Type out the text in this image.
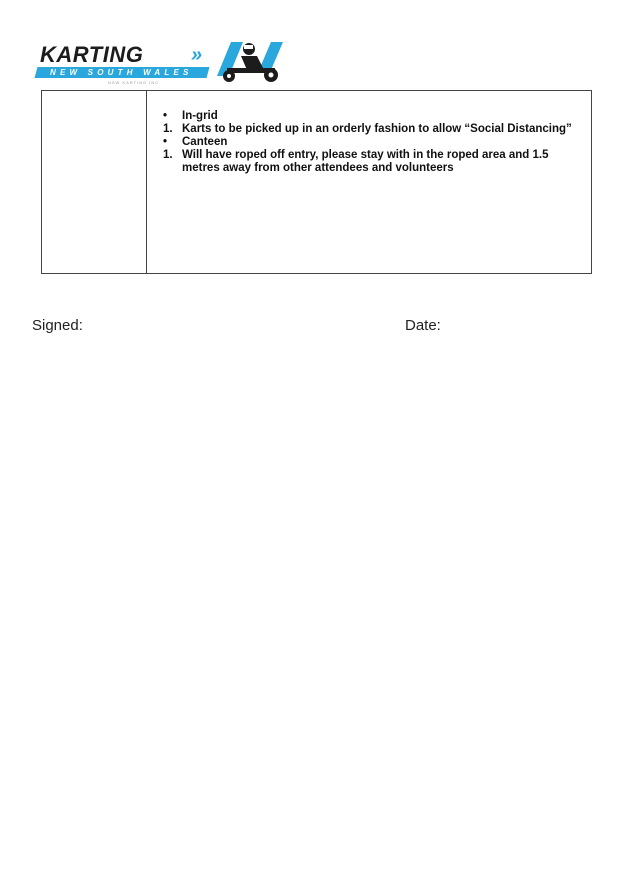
KARTING »
NEW SOUTH WALES
NSW KARTING INC
•	In-grid
1. Karts to be picked up in an orderly fashion to allow “Social Distancing”
•	Canteen
1. Will have roped off entry, please stay with in the roped area and 1.5 metres away from other attendees and volunteers
Signed:	Date:
